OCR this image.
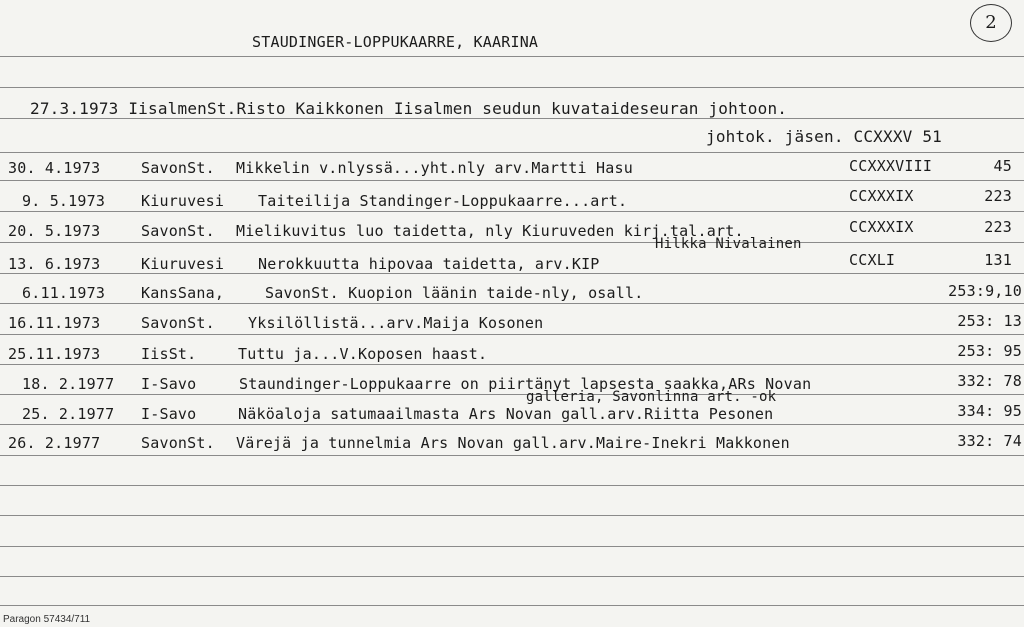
2
STAUDINGER-LOPPUKAARRE, KAARINA
27.3.1973 IisalmenSt.Risto Kaikkonen Iisalmen seudun kuvataideseuran johtoon.
johtok. jäsen. CCXXXV 51
30. 4.1973	SavonSt. Mikkelin v.nlyssä...yht.nly arv.Martti Hasu	CCXXXVIII	45
9. 5.1973 Kiuruvesi Taiteilija Standinger-Loppukaarre...art.	CCXXXIX	223
20. 5.1973	SavonSt. Mielikuvitus luo taidetta, nly Kiuruveden kirj.tal.art.	CCXXXIX	223
Hilkka Nivalainen
13. 6.1973	Kiuruvesi Nerokkuutta hipovaa taidetta, arv.KIP	CCXLI	131
6.11.1973 KansSana,	SavonSt. Kuopion läänin taide-nly, osall.	253:9,10
16.11.1973	SavonSt. Yksilöllistä...arv.Maija Kosonen	253: 13
25.11.1973	IisSt.	Tuttu ja...V.Koposen haast.	253: 95
18. 2.1977 I-Savo	Staundinger-Loppukaarre on piirtänyt lapsesta saakka,ARs Novan	332: 78
galleria, Savonlinna art. -ok
25. 2.1977 I-Savo	Näköaloja satumaailmasta Ars Novan gall.arv.Riitta Pesonen	334: 95
26. 2.1977	SavonSt. Värejä ja tunnelmia Ars Novan gall.arv.Maire-Inekri Makkonen	332: 74
Paragon 57434/711
